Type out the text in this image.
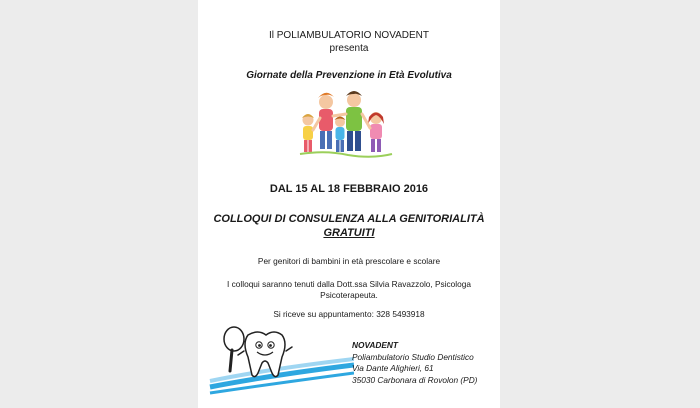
Il POLIAMBULATORIO NOVADENT
presenta
Giornate della Prevenzione in Età Evolutiva
DAL 15 AL 18 FEBBRAIO 2016
COLLOQUI DI CONSULENZA ALLA GENITORIALITÀ
GRATUITI
Per genitori di bambini in età prescolare e scolare
I colloqui saranno tenuti dalla Dott.ssa Silvia Ravazzolo, Psicologa Psicoterapeuta.
Si riceve su appuntamento: 328 5493918
NOVADENT
Poliambulatorio Studio Dentistico
Via Dante Alighieri, 61
35030 Carbonara di Rovolon (PD)
